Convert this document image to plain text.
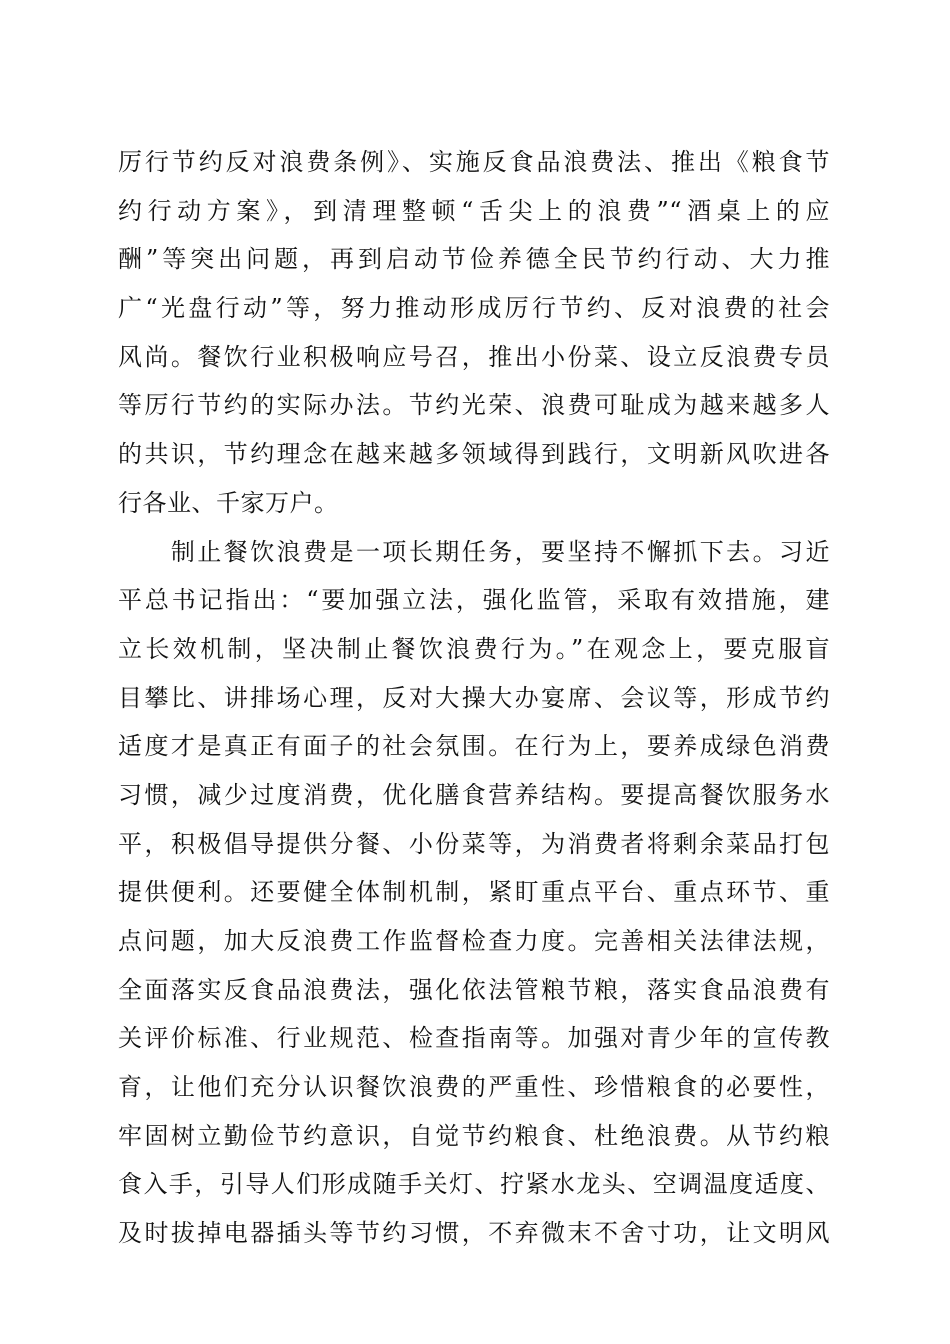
厉行节约反对浪费条例》、实施反食品浪费法、推出《粮食节
约行动方案》，到清理整顿“舌尖上的浪费”“酒桌上的应
酬”等突出问题，再到启动节俭养德全民节约行动、大力推
广“光盘行动”等，努力推动形成厉行节约、反对浪费的社会
风尚。餐饮行业积极响应号召，推出小份菜、设立反浪费专员
等厉行节约的实际办法。节约光荣、浪费可耻成为越来越多人
的共识，节约理念在越来越多领域得到践行，文明新风吹进各
行各业、千家万户。
　　制止餐饮浪费是一项长期任务，要坚持不懈抓下去。习近
平总书记指出：“要加强立法，强化监管，采取有效措施，建
立长效机制，坚决制止餐饮浪费行为。”在观念上，要克服盲
目攀比、讲排场心理，反对大操大办宴席、会议等，形成节约
适度才是真正有面子的社会氛围。在行为上，要养成绿色消费
习惯，减少过度消费，优化膳食营养结构。要提高餐饮服务水
平，积极倡导提供分餐、小份菜等，为消费者将剩余菜品打包
提供便利。还要健全体制机制，紧盯重点平台、重点环节、重
点问题，加大反浪费工作监督检查力度。完善相关法律法规，
全面落实反食品浪费法，强化依法管粮节粮，落实食品浪费有
关评价标准、行业规范、检查指南等。加强对青少年的宣传教
育，让他们充分认识餐饮浪费的严重性、珍惜粮食的必要性，
牢固树立勤俭节约意识，自觉节约粮食、杜绝浪费。从节约粮
食入手，引导人们形成随手关灯、拧紧水龙头、空调温度适度、
及时拔掉电器插头等节约习惯，不弃微末不舍寸功，让文明风
